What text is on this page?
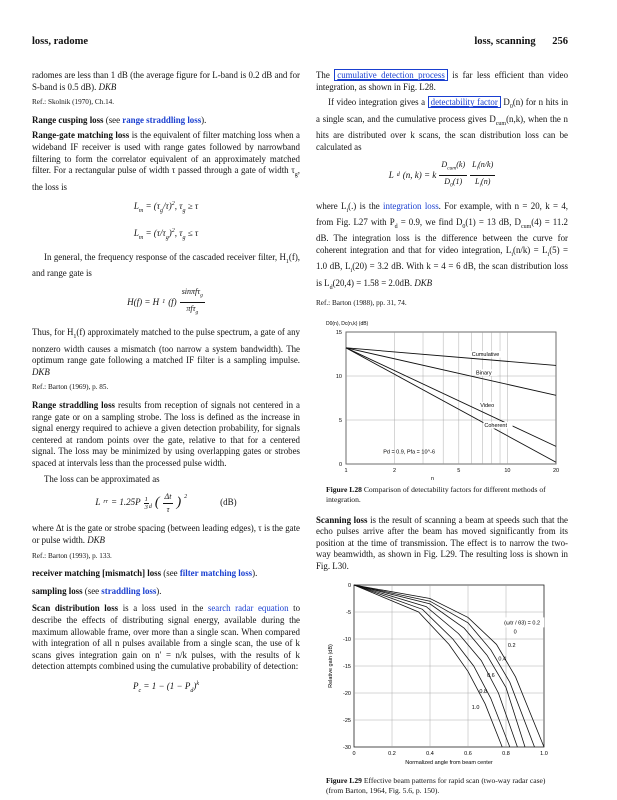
loss, radome	loss, scanning 256

radomes are less than 1 dB (the average figure for L-band is 0.2 dB and for S-band is 0.5 dB). DKB

Ref.: Skolnik (1970), Ch.14.

Range cusping loss (see range straddling loss).

Range-gate matching loss is the equivalent of filter matching loss when a wideband IF receiver is used with range gates followed by narrowband filtering to form the correlator equivalent of an approximately matched filter. For a rectangular pulse of width τ passed through a gate of width $\tau_g$, the loss is

$L_m = (\tau_g/\tau)^2$, $\tau_g \ge \tau$
$L_m = (\tau/\tau_g)^2$, $\tau_g \le \tau$

In general, the frequency response of the cascaded receiver filter, $H_1(f)$, and range gate is

H(f) = H 1 (f)
sinπfτ$_g$
πfτ$_g$

Thus, for $H_1(f)$ approximately matched to the pulse spectrum, a gate of any nonzero width causes a mismatch (too narrow a system bandwidth). The optimum range gate following a matched IF filter is a sampling impulse. DKB

Ref.: Barton (1969), p. 85.

Range straddling loss results from reception of signals not centered in a range gate or on a sampling strobe. The loss is defined as the increase in signal energy required to achieve a given detection probability, for signals centered at random points over the gate, relative to that for a centered signal. The loss may be minimized by using overlapping gates or strobes spaced at intervals less than the processed pulse width.

The loss can be approximated as

L rr = $1.25P \frac{1}{3}$ d ( $\frac{\Delta t}{\tau}$ ) $^2$	(dB)

where Δt is the gate or strobe spacing (between leading edges), τ is the gate or pulse width. DKB

Ref.: Barton (1993), p. 133.

receiver matching [mismatch] loss (see filter matching loss).

sampling loss (see straddling loss).

Scan distribution loss is a loss used in the search radar equation to describe the effects of distributing signal energy, available during the maximum allowable frame, over more than a single scan. When compared with integration of all n pulses available from a single scan, the use of k scans gives integration gain on n′ = n/k pulses, with the results of k detection attempts combined using the cumulative probability of detection:

$P_c = 1 - (1 - P_d)^k$

The cumulative detection process is far less efficient than video integration, as shown in Fig. L28.

If video integration gives a detectability factor $D_0(n)$ for n hits in a single scan, and the cumulative process gives $D_{cum}(n,k)$, when the n hits are distributed over k scans, the scan distribution loss can be calculated as

L d (n, k) = k
$D_{cum}(k)$
$D_0(1)$
$L_i(n/k)$
$L_i(n)$

where $L_i(.)$ is the integration loss. For example, with n = 20, k = 4, from Fig. L27 with $P_d = 0.9$, we find $D_0(1) = 13$ dB, $D_{cum}(4) = 11.2$ dB. The integration loss is the difference between the curve for coherent integration and that for video integration, $L_i(n/k) = L_i(5) = 1.0$ dB, $L_i(20) = 3.2$ dB. With k = 4 = 6 dB, the scan distribution loss is $L_d(20,4) = 1.58 = 2.0dB$. DKB

Ref.: Barton (1988), pp. 31, 74.
D0(n), Dc(n,k) (dB)
0
5
10
15
1	2	5	10	20
n
Cumulative
Binary
Video
Coherent
Pd = 0.9, Pfa = 10^-6
Figure L28 Comparison of detectability factors for different methods of integration.

Scanning loss is the result of scanning a beam at speeds such that the echo pulses arrive after the beam has moved significantly from its position at the time of transmission. The effect is to narrow the two-way beamwidth, as shown in Fig. L29. The resulting loss is shown in Fig. L30.

0
-5
-10
-15
-20
-25
-30
0	0.2	0.4	0.6	0.8	1.0
Normalized angle from beam center
Relative gain (dB)
(ωtr / θ3) = 0.2
0
0.2
0.4
0.6
0.8
1.0
Figure L29 Effective beam patterns for rapid scan (two-way radar case) (from Barton, 1964, Fig. 5.6, p. 150).
